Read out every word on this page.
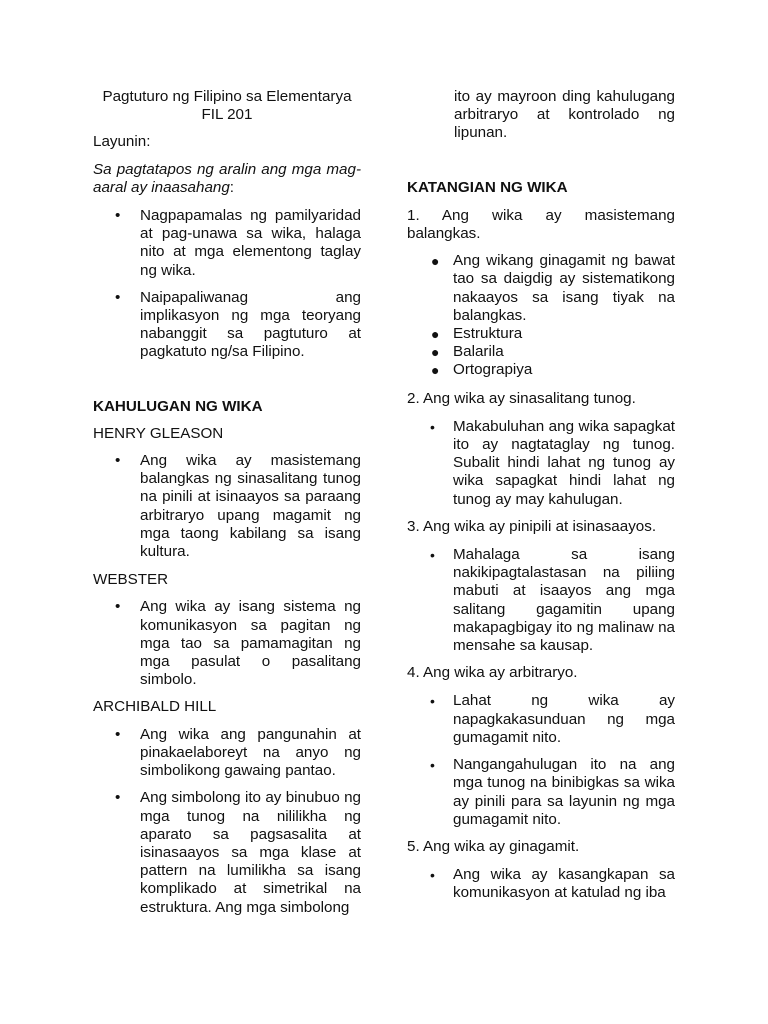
Pagtuturo ng Filipino sa Elementarya

FIL 201

Layunin:

Sa pagtatapos ng aralin ang mga mag-aaral ay inaasahang:

• Nagpapamalas ng pamilyaridad at pag-unawa sa wika, halaga nito at mga elementong taglay ng wika.
• Naipapaliwanag ang implikasyon ng mga teoryang nabanggit sa pagtuturo at pagkatuto ng/sa Filipino.

KAHULUGAN NG WIKA

HENRY GLEASON

• Ang wika ay masistemang balangkas ng sinasalitang tunog na pinili at isinaayos sa paraang arbitraryo upang magamit ng mga taong kabilang sa isang kultura.

WEBSTER

• Ang wika ay isang sistema ng komunikasyon sa pagitan ng mga tao sa pamamagitan ng mga pasulat o pasalitang simbolo.

ARCHIBALD HILL

• Ang wika ang pangunahin at pinakaelaboreyt na anyo ng simbolikong gawaing pantao.
• Ang simbolong ito ay binubuo ng mga tunog na nililikha ng aparato sa pagsasalita at isinasaayos sa mga klase at pattern na lumilikha sa isang komplikado at simetrikal na estruktura. Ang mga simbolong
ito ay mayroon ding kahulugang arbitraryo at kontrolado ng lipunan.

KATANGIAN NG WIKA

1. Ang wika ay masistemang balangkas.

● Ang wikang ginagamit ng bawat tao sa daigdig ay sistematikong nakaayos sa isang tiyak na balangkas.
● Estruktura
● Balarila
● Ortograpiya

2. Ang wika ay sinasalitang tunog.

• Makabuluhan ang wika sapagkat ito ay nagtataglay ng tunog. Subalit hindi lahat ng tunog ay wika sapagkat hindi lahat ng tunog ay may kahulugan.

3. Ang wika ay pinipili at isinasaayos.

• Mahalaga sa isang nakikipagtalastasan na piliing mabuti at isaayos ang mga salitang gagamitin upang makapagbigay ito ng malinaw na mensahe sa kausap.

4. Ang wika ay arbitraryo.

• Lahat ng wika ay napagkakasunduan ng mga gumagamit nito.
• Nangangahulugan ito na ang mga tunog na binibigkas sa wika ay pinili para sa layunin ng mga gumagamit nito.

5. Ang wika ay ginagamit.

• Ang wika ay kasangkapan sa komunikasyon at katulad ng iba
